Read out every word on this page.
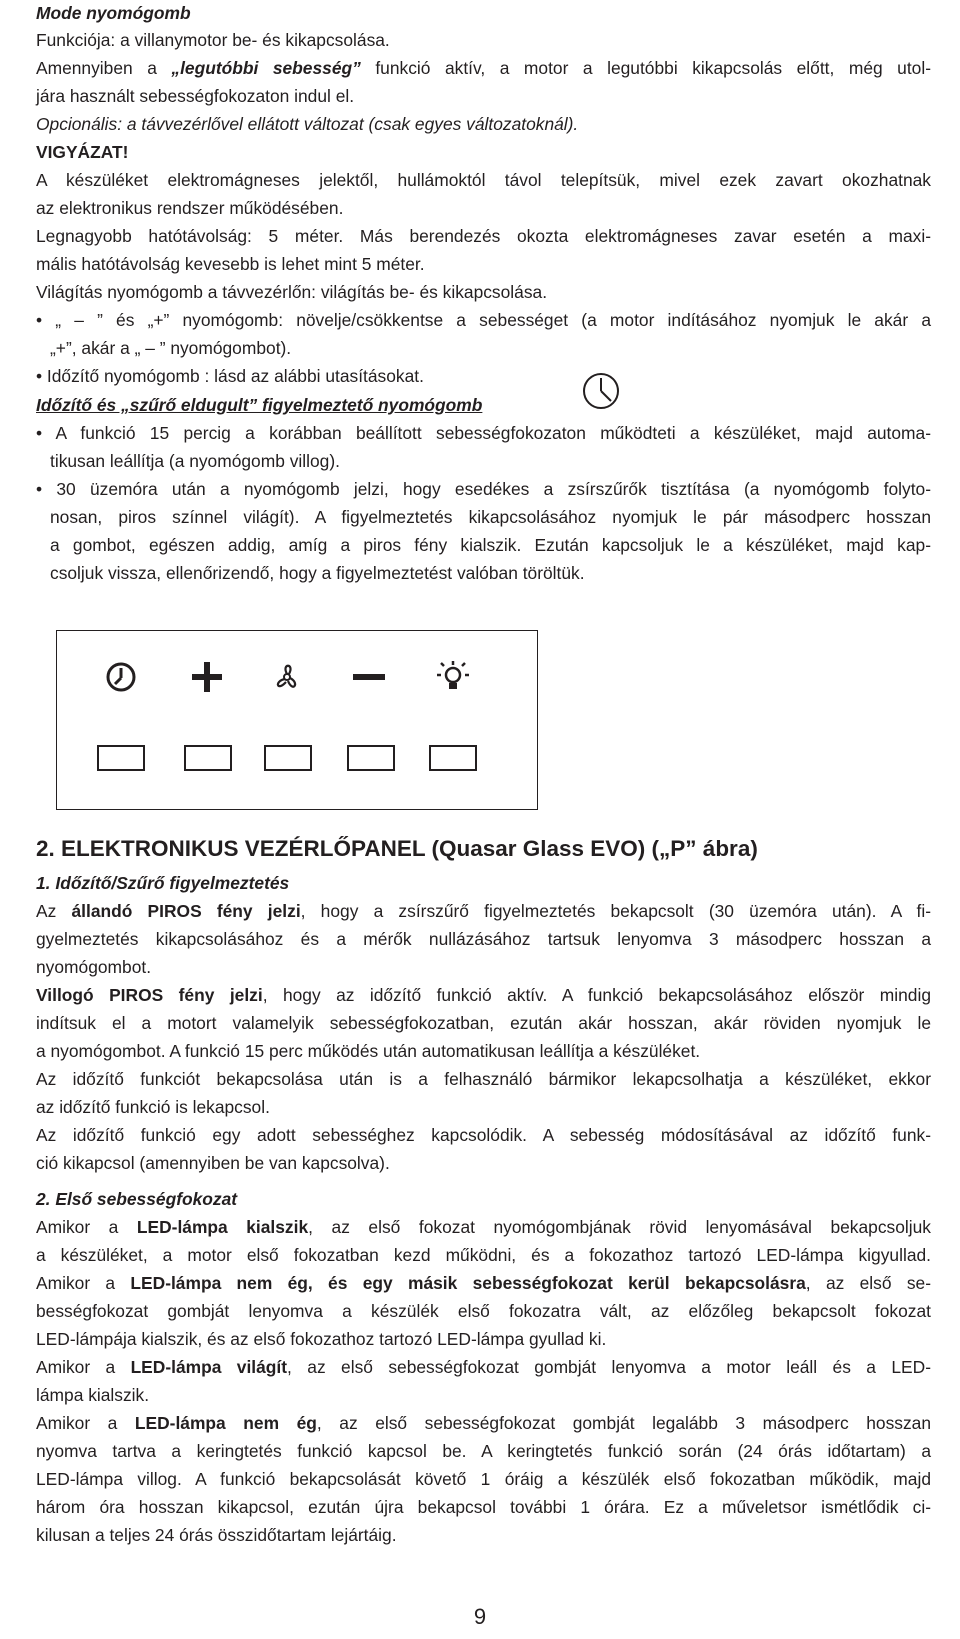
Mode nyomógomb
Funkciója: a villanymotor be- és kikapcsolása.
Amennyiben a „legutóbbi sebesség” funkció aktív, a motor a legutóbbi kikapcsolás előtt, még utol-
jára használt sebességfokozaton indul el.
Opcionális: a távvezérlővel ellátott változat (csak egyes változatoknál).
VIGYÁZAT!
A készüléket elektromágneses jelektől, hullámoktól távol telepítsük, mivel ezek zavart okozhatnak
az elektronikus rendszer működésében.
Legnagyobb hatótávolság: 5 méter. Más berendezés okozta elektromágneses zavar esetén a maxi-
mális hatótávolság kevesebb is lehet mint 5 méter.
Világítás nyomógomb a távvezérlőn: világítás be- és kikapcsolása.
• „ – ” és „+” nyomógomb: növelje/csökkentse a sebességet (a motor indításához nyomjuk le akár a
„+”, akár a „ – ” nyomógombot).
• Időzítő nyomógomb : lásd az alábbi utasításokat.
Időzítő és „szűrő eldugult” figyelmeztető nyomógomb
• A funkció 15 percig a korábban beállított sebességfokozaton működteti a készüléket, majd automa-
tikusan leállítja (a nyomógomb villog).
• 30 üzemóra után a nyomógomb jelzi, hogy esedékes a zsírszűrők tisztítása (a nyomógomb folyto-
nosan, piros színnel világít). A figyelmeztetés kikapcsolásához nyomjuk le pár másodperc hosszan
a gombot, egészen addig, amíg a piros fény kialszik. Ezután kapcsoljuk le a készüléket, majd kap-
csoljuk vissza, ellenőrizendő, hogy a figyelmeztetést valóban töröltük.
2. ELEKTRONIKUS VEZÉRLŐPANEL (Quasar Glass EVO) („P” ábra)
1. Időzítő/Szűrő figyelmeztetés
Az állandó PIROS fény jelzi, hogy a zsírszűrő figyelmeztetés bekapcsolt (30 üzemóra után). A fi-
gyelmeztetés kikapcsolásához és a mérők nullázásához tartsuk lenyomva 3 másodperc hosszan a
nyomógombot.
Villogó PIROS fény jelzi, hogy az időzítő funkció aktív. A funkció bekapcsolásához először mindig
indítsuk el a motort valamelyik sebességfokozatban, ezután akár hosszan, akár röviden nyomjuk le
a nyomógombot. A funkció 15 perc működés után automatikusan leállítja a készüléket.
Az időzítő funkciót bekapcsolása után is a felhasználó bármikor lekapcsolhatja a készüléket, ekkor
az időzítő funkció is lekapcsol.
Az időzítő funkció egy adott sebességhez kapcsolódik. A sebesség módosításával az időzítő funk-
ció kikapcsol (amennyiben be van kapcsolva).
2. Első sebességfokozat
Amikor a LED-lámpa kialszik, az első fokozat nyomógombjának rövid lenyomásával bekapcsoljuk
a készüléket, a motor első fokozatban kezd működni, és a fokozathoz tartozó LED-lámpa kigyullad.
Amikor a LED-lámpa nem ég, és egy másik sebességfokozat kerül bekapcsolásra, az első se-
bességfokozat gombját lenyomva a készülék első fokozatra vált, az előzőleg bekapcsolt fokozat
LED-lámpája kialszik, és az első fokozathoz tartozó LED-lámpa gyullad ki.
Amikor a LED-lámpa világít, az első sebességfokozat gombját lenyomva a motor leáll és a LED-
lámpa kialszik.
Amikor a LED-lámpa nem ég, az első sebességfokozat gombját legalább 3 másodperc hosszan
nyomva tartva a keringtetés funkció kapcsol be. A keringtetés funkció során (24 órás időtartam) a
LED-lámpa villog. A funkció bekapcsolását követő 1 óráig a készülék első fokozatban működik, majd
három óra hosszan kikapcsol, ezután újra bekapcsol további 1 órára. Ez a műveletsor ismétlődik ci-
kilusan a teljes 24 órás összidőtartam lejártáig.
9
